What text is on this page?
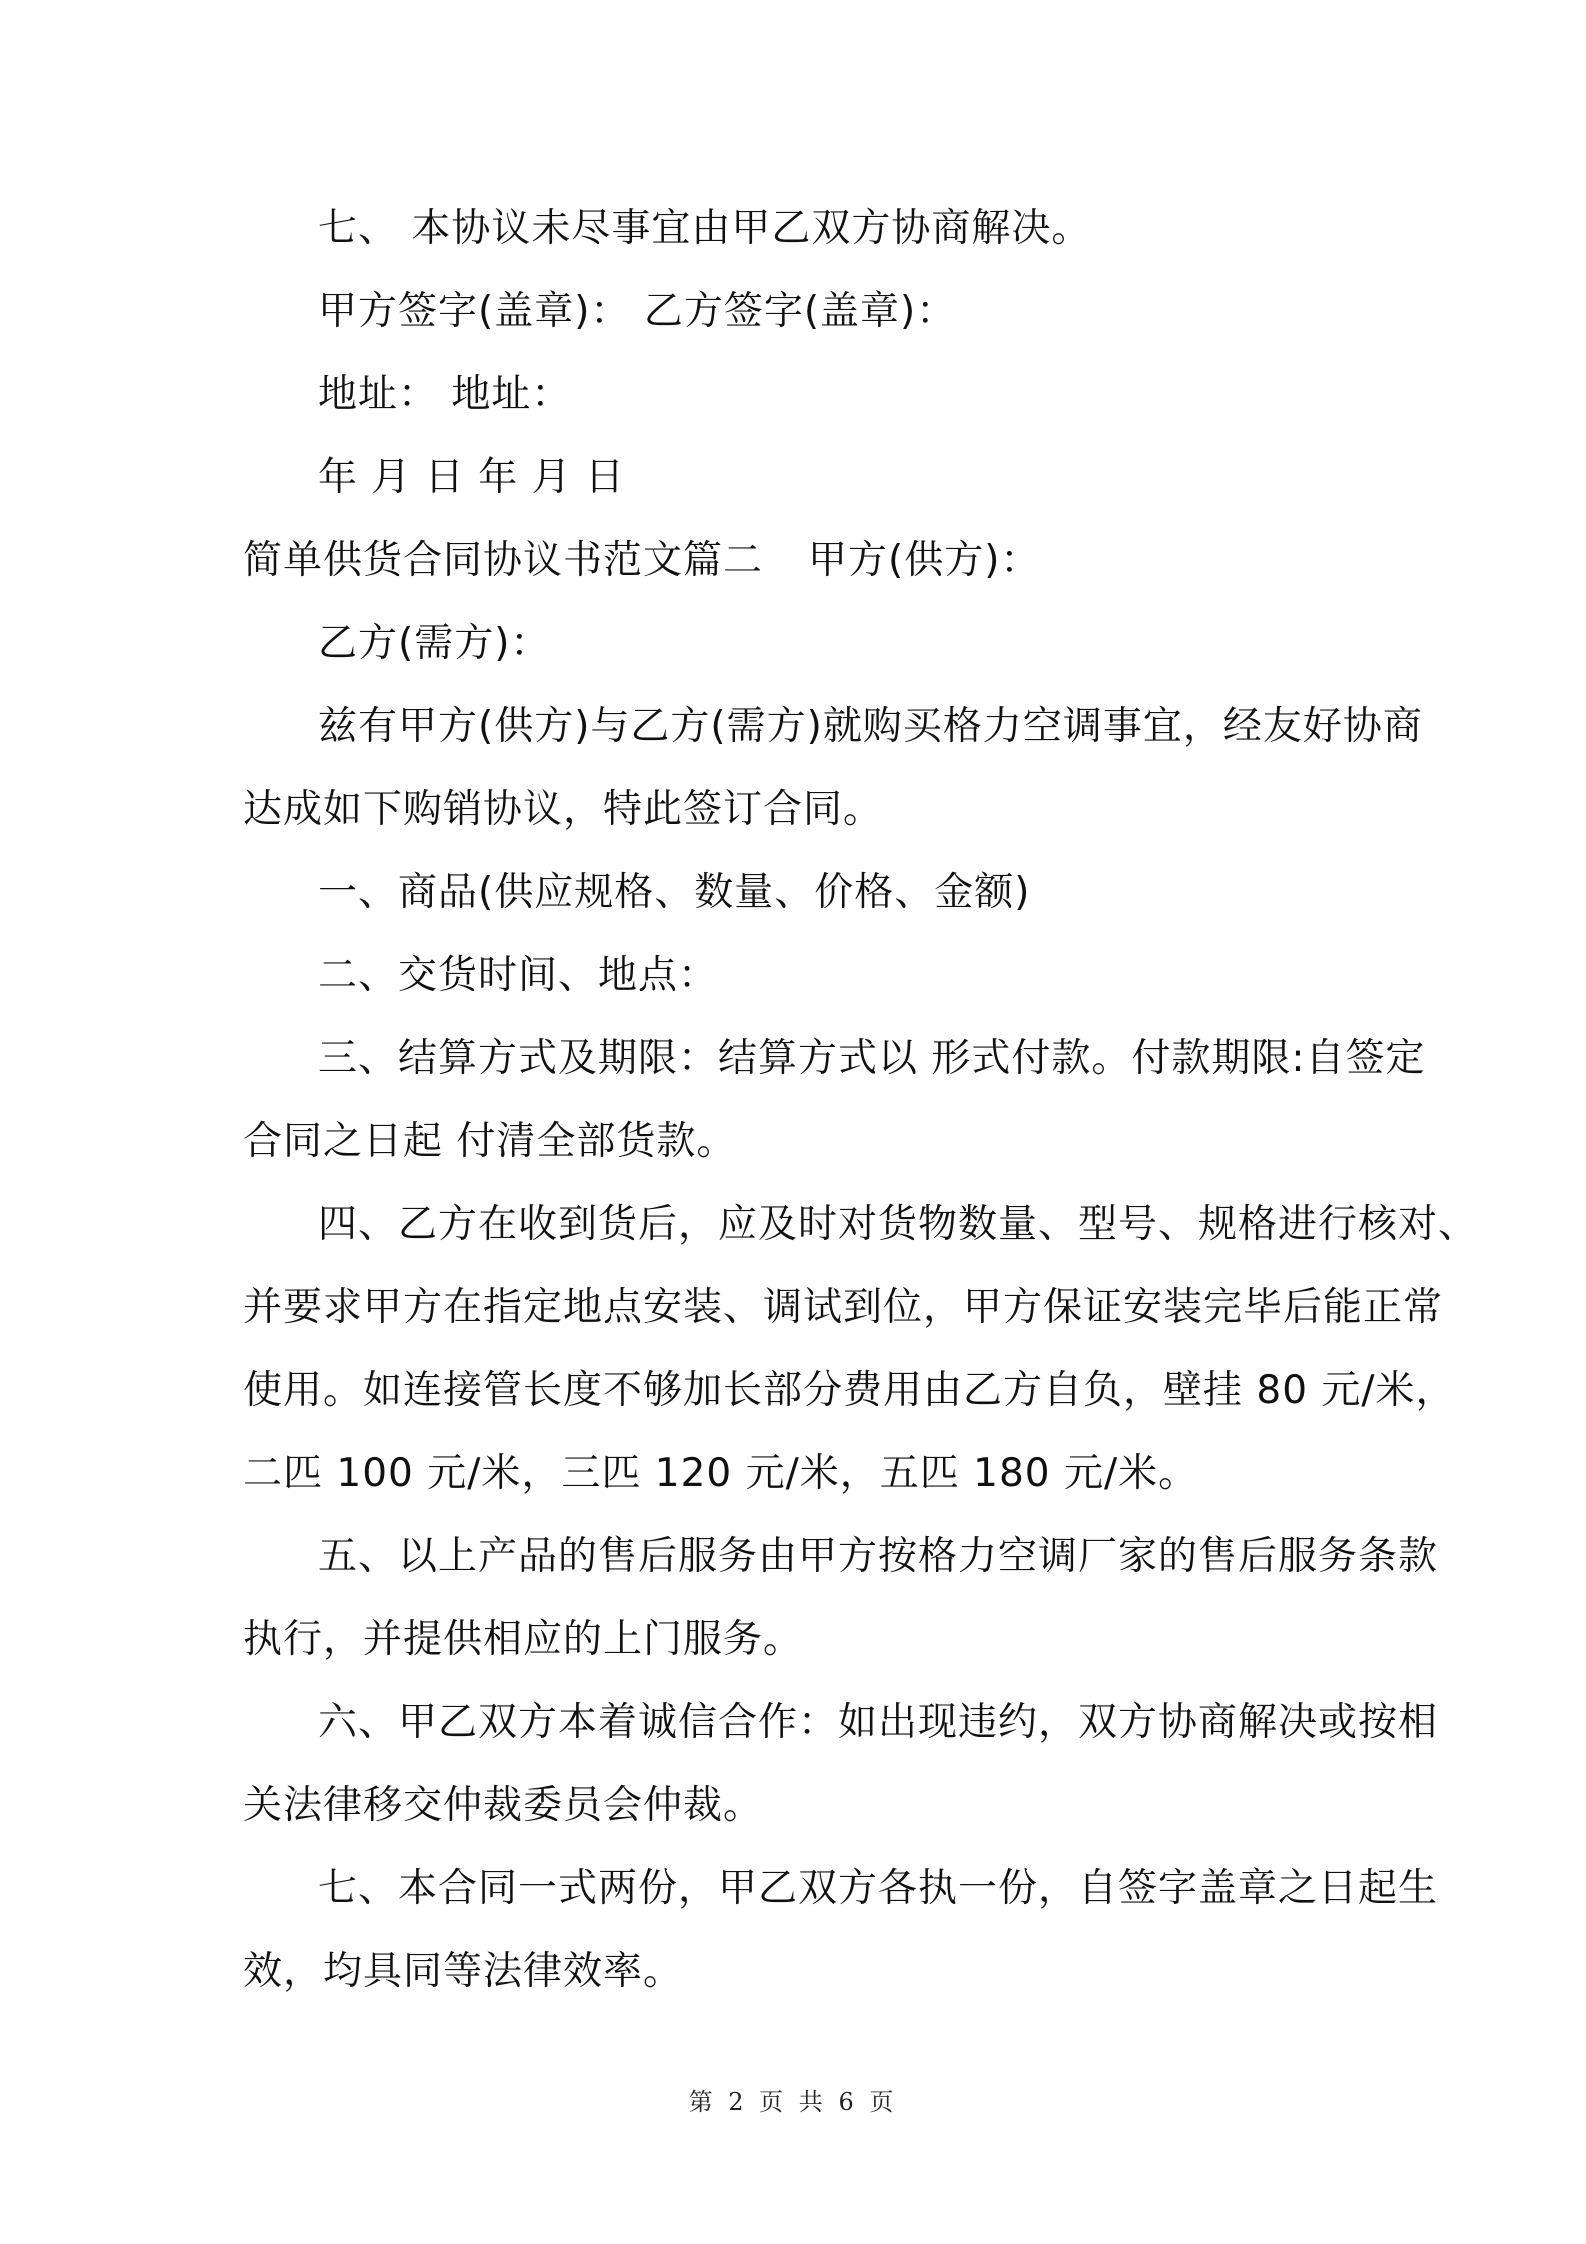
七、 本协议未尽事宜由甲乙双方协商解决。
甲方签字(盖章)： 乙方签字(盖章)：
地址： 地址：
年 月 日 年 月 日
简单供货合同协议书范文篇二 甲方(供方)：
乙方(需方)：
兹有甲方(供方)与乙方(需方)就购买格力空调事宜，经友好协商
达成如下购销协议，特此签订合同。
一、商品(供应规格、数量、价格、金额)
二、交货时间、地点：
三、结算方式及期限：结算方式以 形式付款。付款期限:自签定
合同之日起 付清全部货款。
四、乙方在收到货后，应及时对货物数量、型号、规格进行核对、
并要求甲方在指定地点安装、调试到位，甲方保证安装完毕后能正常
使用。如连接管长度不够加长部分费用由乙方自负，壁挂 80 元/米，
二匹 100 元/米，三匹 120 元/米，五匹 180 元/米。
五、以上产品的售后服务由甲方按格力空调厂家的售后服务条款
执行，并提供相应的上门服务。
六、甲乙双方本着诚信合作：如出现违约，双方协商解决或按相
关法律移交仲裁委员会仲裁。
七、本合同一式两份，甲乙双方各执一份，自签字盖章之日起生
效，均具同等法律效率。
第 2 页 共 6 页
